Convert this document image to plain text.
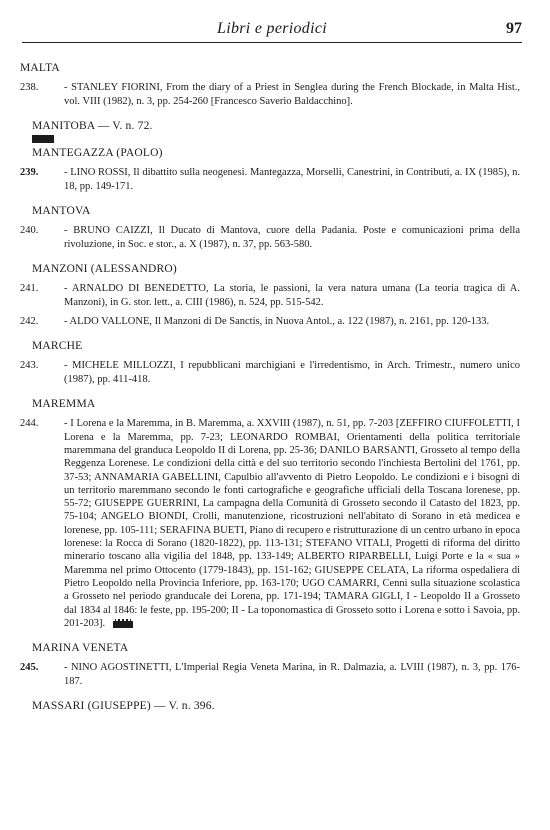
Libri e periodici	97
MALTA
238. - STANLEY FIORINI, From the diary of a Priest in Senglea during the French Blockade, in Malta Hist., vol. VIII (1982), n. 3, pp. 254-260 [Francesco Saverio Baldacchino].
MANITOBA — V. n. 72.
MANTEGAZZA (PAOLO)
239. - LINO ROSSI, Il dibattito sulla neogenesi. Mantegazza, Morselli, Canestrini, in Contributi, a. IX (1985), n. 18, pp. 149-171.
MANTOVA
240. - BRUNO CAIZZI, Il Ducato di Mantova, cuore della Padania. Poste e comunicazioni prima della rivoluzione, in Soc. e stor., a. X (1987), n. 37, pp. 563-580.
MANZONI (ALESSANDRO)
241. - ARNALDO DI BENEDETTO, La storia, le passioni, la vera natura umana (La teoria tragica di A. Manzoni), in G. stor. lett., a. CIII (1986), n. 524, pp. 515-542.
242. - ALDO VALLONE, Il Manzoni di De Sanctis, in Nuova Antol., a. 122 (1987), n. 2161, pp. 120-133.
MARCHE
243. - MICHELE MILLOZZI, I repubblicani marchigiani e l'irredentismo, in Arch. Trimestr., numero unico (1987), pp. 411-418.
MAREMMA
244. - I Lorena e la Maremma, in B. Maremma, a. XXVIII (1987), n. 51, pp. 7-203 [ZEFFIRO CIUFFOLETTI, I Lorena e la Maremma, pp. 7-23; LEONARDO ROMBAI, Orientamenti della politica territoriale maremmana del granduca Leopoldo II di Lorena, pp. 25-36; DANILO BARSANTI, Grosseto al tempo della Reggenza Lorenese. Le condizioni della città e del suo territorio secondo l'inchiesta Bertolini del 1761, pp. 37-53; ANNAMARIA GABELLINI, Capulbio all'avvento di Pietro Leopoldo. Le condizioni e i bisogni di un territorio maremmano secondo le fonti cartografiche e geografiche ufficiali della Toscana lorenese, pp. 55-72; GIUSEPPE GUERRINI, La campagna della Comunità di Grosseto secondo il Catasto del 1823, pp. 75-104; ANGELO BIONDI, Crolli, manutenzione, ricostruzioni nell'abitato di Sorano in età medicea e lorenese, pp. 105-111; SERAFINA BUETI, Piano di recupero e ristrutturazione di un centro urbano in epoca lorenese: la Rocca di Sorano (1820-1822), pp. 113-131; STEFANO VITALI, Progetti di riforma del diritto minerario toscano alla vigilia del 1848, pp. 133-149; ALBERTO RIPARBELLI, Luigi Porte e la « sua » Maremma nel primo Ottocento (1779-1843), pp. 151-162; GIUSEPPE CELATA, La riforma ospedaliera di Pietro Leopoldo nella Provincia Inferiore, pp. 163-170; UGO CAMARRI, Cenni sulla situazione scolastica a Grosseto nel periodo granducale dei Lorena, pp. 171-194; TAMARA GIGLI, I - Leopoldo II a Grosseto dal 1834 al 1846: le feste, pp. 195-200; II - La toponomastica di Grosseto sotto i Lorena e sotto i Savoia, pp. 201-203].
MARINA VENETA
245. - NINO AGOSTINETTI, L'Imperial Regia Veneta Marina, in R. Dalmazia, a. LVIII (1987), n. 3, pp. 176-187.
MASSARI (GIUSEPPE) — V. n. 396.
